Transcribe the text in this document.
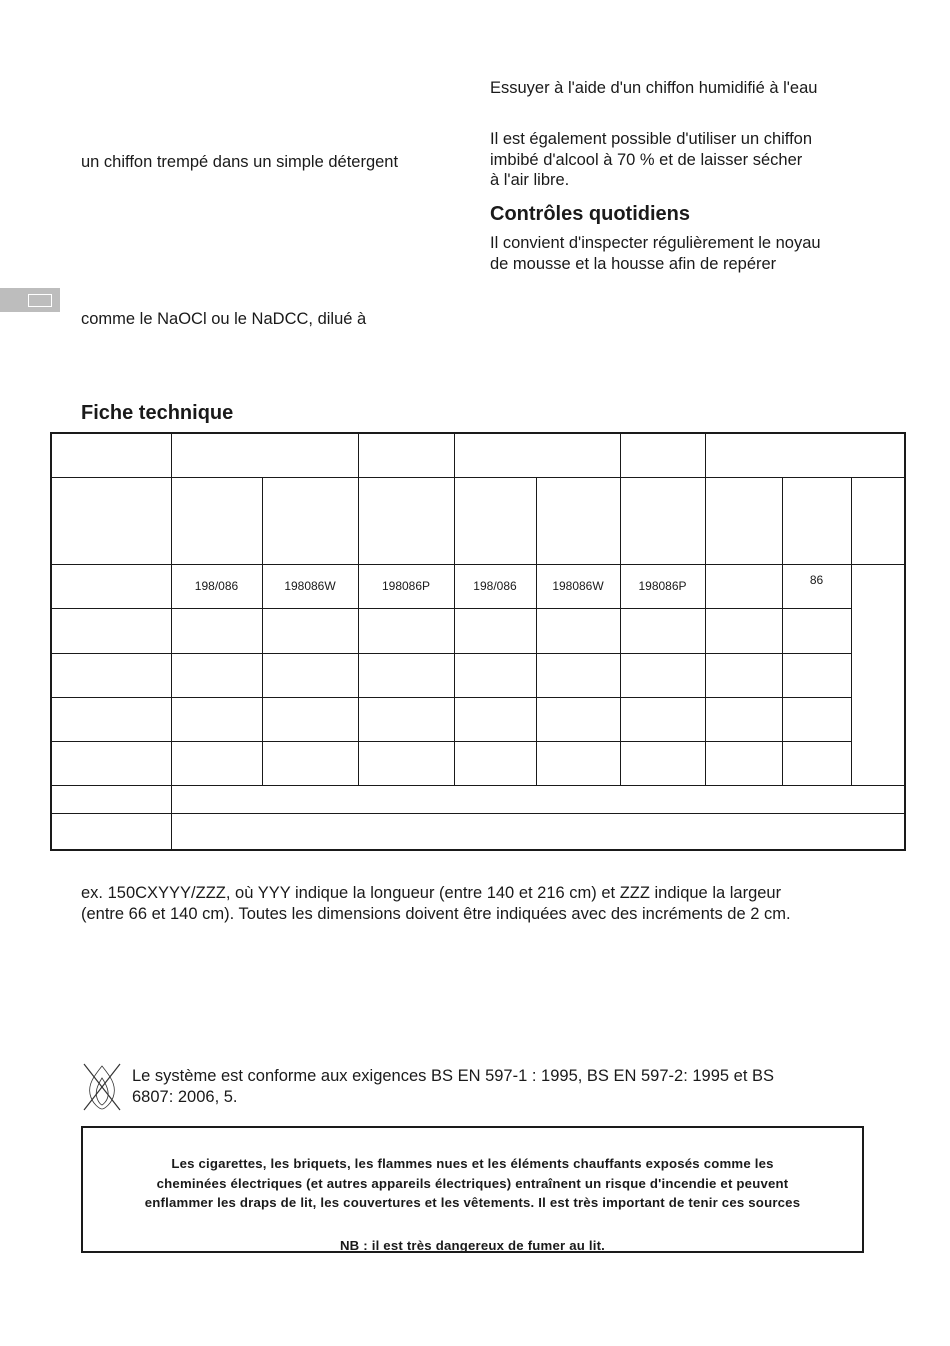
Essuyer à l'aide d'un chiffon humidifié à l'eau

Il est également possible d'utiliser un chiffon

imbibé d'alcool à 70 % et de laisser sécher

à l'air libre.

Contrôles quotidiens

Il convient d'inspecter régulièrement le noyau

de mousse et la housse afin de repérer

un chiffon trempé dans un simple détergent

comme le NaOCl ou le NaDCC, dilué à

Fiche technique

	198/086	198086W	198086P	198/086	198086W	198086P		86	

ex. 150CXYYY/ZZZ, où YYY indique la longueur (entre 140 et 216 cm) et ZZZ indique la largeur

(entre 66 et 140 cm). Toutes les dimensions doivent être indiquées avec des incréments de 2 cm.

Le système est conforme aux exigences BS EN 597-1 : 1995, BS EN 597-2: 1995 et BS

6807: 2006, 5.

Les cigarettes, les briquets, les flammes nues et les éléments chauffants exposés comme les

cheminées électriques (et autres appareils électriques) entraînent un risque d'incendie et peuvent

enflammer les draps de lit, les couvertures et les vêtements. Il est très important de tenir ces sources

NB : il est très dangereux de fumer au lit.
